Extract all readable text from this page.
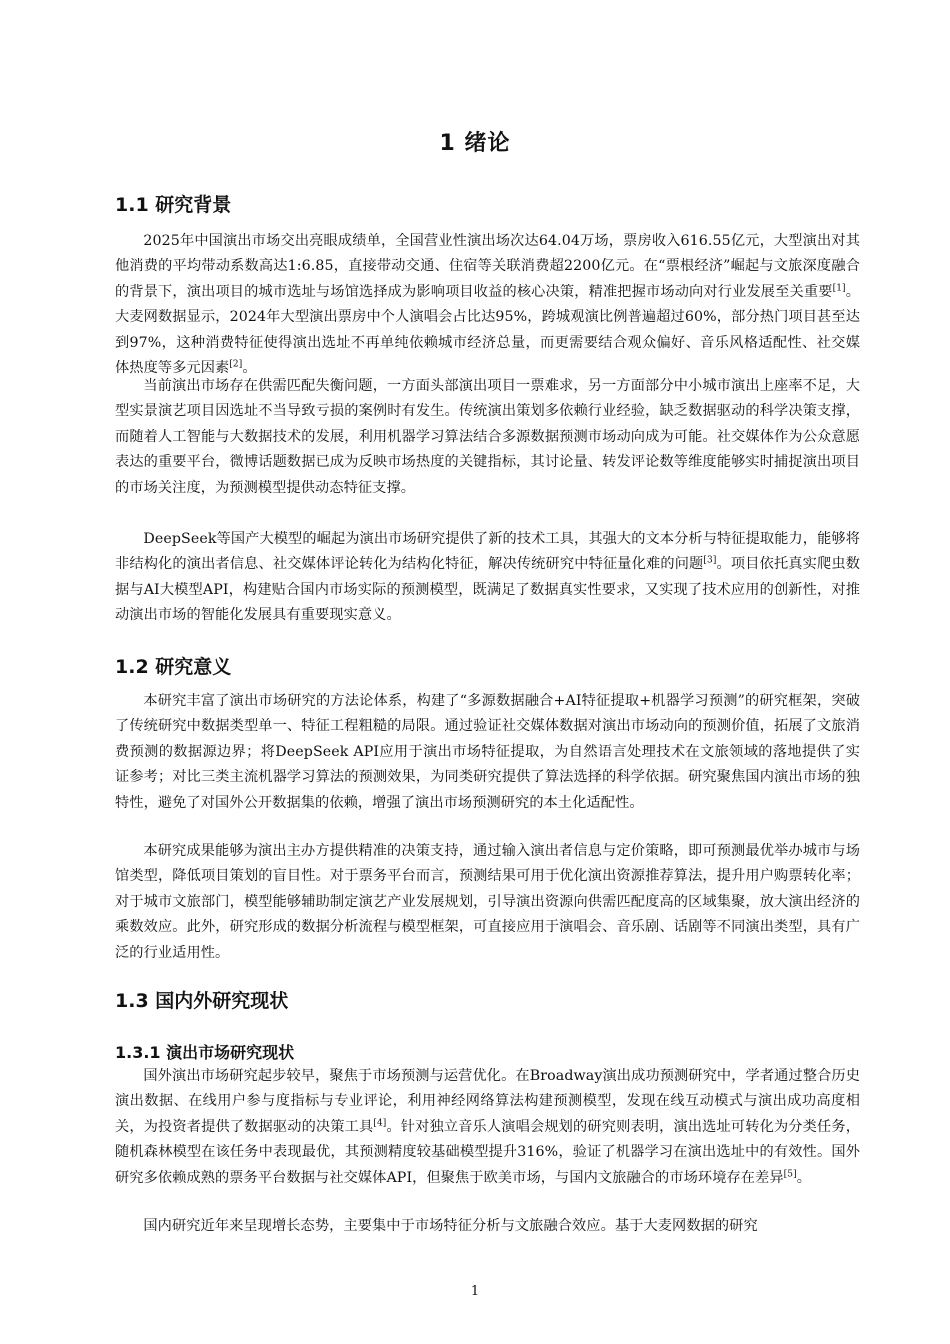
1 绪论
1.1 研究背景

2025年中国演出市场交出亮眼成绩单，全国营业性演出场次达64.04万场，票房收入616.55亿元，大型演出对其他消费的平均带动系数高达1:6.85，直接带动交通、住宿等关联消费超2200亿元。在“票根经济”崛起与文旅深度融合的背景下，演出项目的城市选址与场馆选择成为影响项目收益的核心决策，精准把握市场动向对行业发展至关重要[1]。大麦网数据显示，2024年大型演出票房中个人演唱会占比达95%，跨城观演比例普遍超过60%，部分热门项目甚至达到97%，这种消费特征使得演出选址不再单纯依赖城市经济总量，而更需要结合观众偏好、音乐风格适配性、社交媒体热度等多元因素[2]。

当前演出市场存在供需匹配失衡问题，一方面头部演出项目一票难求，另一方面部分中小城市演出上座率不足，大型实景演艺项目因选址不当导致亏损的案例时有发生。传统演出策划多依赖行业经验，缺乏数据驱动的科学决策支撑，而随着人工智能与大数据技术的发展，利用机器学习算法结合多源数据预测市场动向成为可能。社交媒体作为公众意愿表达的重要平台，微博话题数据已成为反映市场热度的关键指标，其讨论量、转发评论数等维度能够实时捕捉演出项目的市场关注度，为预测模型提供动态特征支撑。

DeepSeek等国产大模型的崛起为演出市场研究提供了新的技术工具，其强大的文本分析与特征提取能力，能够将非结构化的演出者信息、社交媒体评论转化为结构化特征，解决传统研究中特征量化难的问题[3]。项目依托真实爬虫数据与AI大模型API，构建贴合国内市场实际的预测模型，既满足了数据真实性要求，又实现了技术应用的创新性，对推动演出市场的智能化发展具有重要现实意义。

1.2 研究意义

本研究丰富了演出市场研究的方法论体系，构建了“多源数据融合+AI特征提取+机器学习预测”的研究框架，突破了传统研究中数据类型单一、特征工程粗糙的局限。通过验证社交媒体数据对演出市场动向的预测价值，拓展了文旅消费预测的数据源边界；将DeepSeek API应用于演出市场特征提取，为自然语言处理技术在文旅领域的落地提供了实证参考；对比三类主流机器学习算法的预测效果，为同类研究提供了算法选择的科学依据。研究聚焦国内演出市场的独特性，避免了对国外公开数据集的依赖，增强了演出市场预测研究的本土化适配性。

本研究成果能够为演出主办方提供精准的决策支持，通过输入演出者信息与定价策略，即可预测最优举办城市与场馆类型，降低项目策划的盲目性。对于票务平台而言，预测结果可用于优化演出资源推荐算法，提升用户购票转化率；对于城市文旅部门，模型能够辅助制定演艺产业发展规划，引导演出资源向供需匹配度高的区域集聚，放大演出经济的乘数效应。此外，研究形成的数据分析流程与模型框架，可直接应用于演唱会、音乐剧、话剧等不同演出类型，具有广泛的行业适用性。

1.3 国内外研究现状
1.3.1 演出市场研究现状

国外演出市场研究起步较早，聚焦于市场预测与运营优化。在Broadway演出成功预测研究中，学者通过整合历史演出数据、在线用户参与度指标与专业评论，利用神经网络算法构建预测模型，发现在线互动模式与演出成功高度相关，为投资者提供了数据驱动的决策工具[4]。针对独立音乐人演唱会规划的研究则表明，演出选址可转化为分类任务，随机森林模型在该任务中表现最优，其预测精度较基础模型提升316%，验证了机器学习在演出选址中的有效性。国外研究多依赖成熟的票务平台数据与社交媒体API，但聚焦于欧美市场，与国内文旅融合的市场环境存在差异[5]。

国内研究近年来呈现增长态势，主要集中于市场特征分析与文旅融合效应。基于大麦网数据的研究

1
